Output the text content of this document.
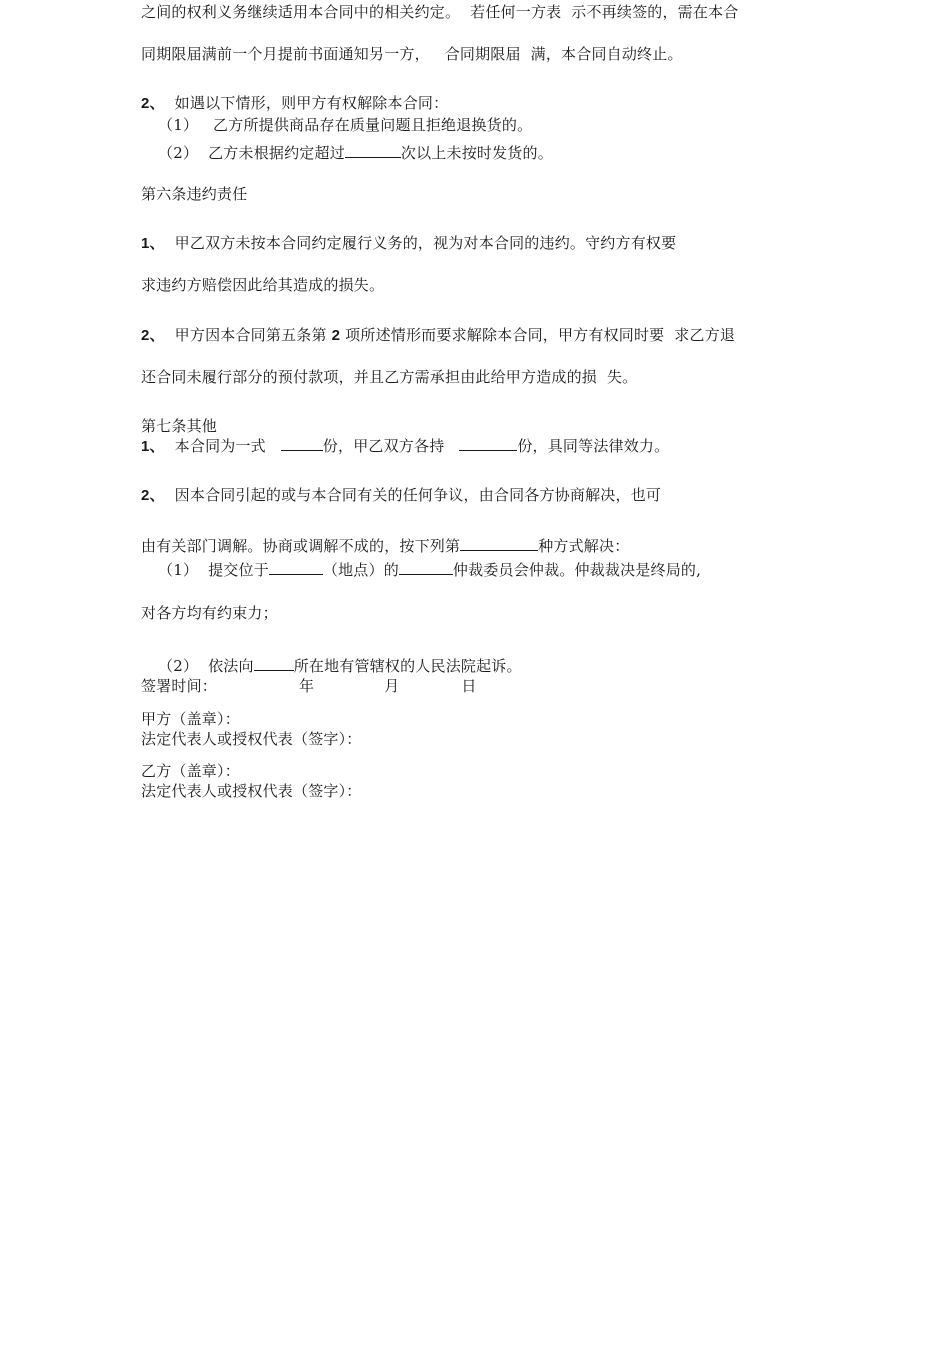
之间的权利义务继续适用本合同中的相关约定。  若任何一方表  示不再续签的，需在本合
同期限届满前一个月提前书面通知另一方，   合同期限届  满，本合同自动终止。
2、  如遇以下情形，则甲方有权解除本合同：
（1）   乙方所提供商品存在质量问题且拒绝退换货的。
（2）  乙方未根据约定超过	次以上未按时发货的。
第六条违约责任
1、  甲乙双方未按本合同约定履行义务的，视为对本合同的违约。守约方有权要
求违约方赔偿因此给其造成的损失。
2、  甲方因本合同第五条第 2 项所述情形而要求解除本合同，甲方有权同时要  求乙方退
还合同未履行部分的预付款项，并且乙方需承担由此给甲方造成的损  失。
第七条其他
1、  本合同为一式	份，甲乙双方各持	份，具同等法律效力。
2、  因本合同引起的或与本合同有关的任何争议，由合同各方协商解决，也可
由有关部门调解。协商或调解不成的，按下列第	种方式解决：
（1）  提交位于	（地点）的	仲裁委员会仲裁。仲裁裁决是终局的,
对各方均有约束力；
（2）  依法向	所在地有管辖权的人民法院起诉。
签署时间：	年	月	日
甲方（盖章）：
法定代表人或授权代表（签字）：
乙方（盖章）：
法定代表人或授权代表（签字）：
